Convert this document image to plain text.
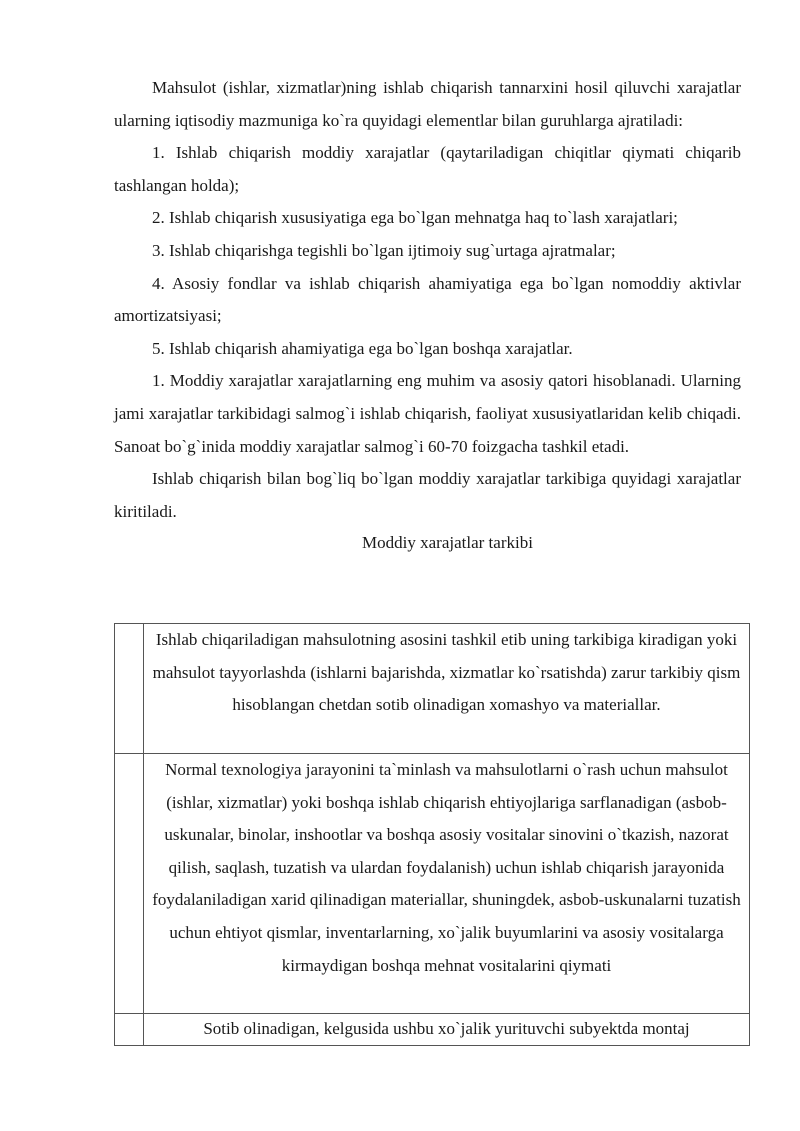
Mahsulot (ishlar, xizmatlar)ning ishlab chiqarish tannarxini hosil qiluvchi xarajatlar ularning iqtisodiy mazmuniga ko`ra quyidagi elementlar bilan guruhlarga ajratiladi:

1. Ishlab chiqarish moddiy xarajatlar (qaytariladigan chiqitlar qiymati chiqarib tashlangan holda);

2. Ishlab chiqarish xususiyatiga ega bo`lgan mehnatga haq to`lash xarajatlari;

3. Ishlab chiqarishga tegishli bo`lgan ijtimoiy sug`urtaga ajratmalar;

4. Asosiy fondlar va ishlab chiqarish ahamiyatiga ega bo`lgan nomoddiy aktivlar amortizatsiyasi;

5. Ishlab chiqarish ahamiyatiga ega bo`lgan boshqa xarajatlar.

1. Moddiy xarajatlar xarajatlarning eng muhim va asosiy qatori hisoblanadi. Ularning jami xarajatlar tarkibidagi salmog`i ishlab chiqarish, faoliyat xususiyatlaridan kelib chiqadi. Sanoat bo`g`inida moddiy xarajatlar salmog`i 60-70 foizgacha tashkil etadi.

Ishlab chiqarish bilan bog`liq bo`lgan moddiy xarajatlar tarkibiga quyidagi xarajatlar kiritiladi.

Moddiy xarajatlar tarkibi

	Ishlab chiqariladigan mahsulotning asosini tashkil etib uning tarkibiga kiradigan yoki mahsulot tayyorlashda (ishlarni bajarishda, xizmatlar ko`rsatishda) zarur tarkibiy qism hisoblangan chetdan sotib olinadigan xomashyo va materiallar.
	Normal texnologiya jarayonini ta`minlash va mahsulotlarni o`rash uchun mahsulot (ishlar, xizmatlar) yoki boshqa ishlab chiqarish ehtiyojlariga sarflanadigan (asbob-uskunalar, binolar, inshootlar va boshqa asosiy vositalar sinovini o`tkazish, nazorat qilish, saqlash, tuzatish va ulardan foydalanish) uchun ishlab chiqarish jarayonida foydalaniladigan xarid qilinadigan materiallar, shuningdek, asbob-uskunalarni tuzatish uchun ehtiyot qismlar, inventarlarning, xo`jalik buyumlarini va asosiy vositalarga kirmaydigan boshqa mehnat vositalarini qiymati
	Sotib olinadigan, kelgusida ushbu xo`jalik yurituvchi subyektda montaj
